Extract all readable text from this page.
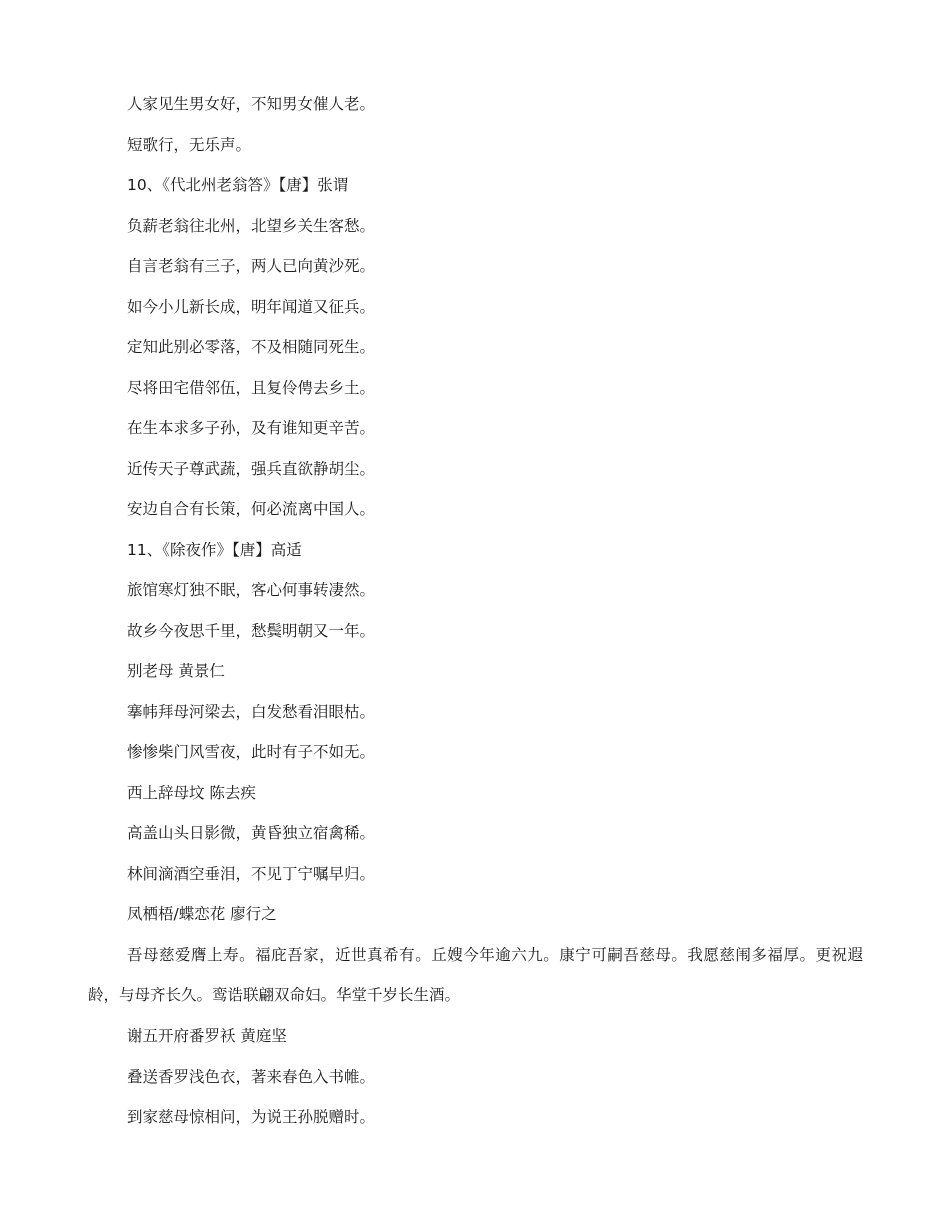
人家见生男女好，不知男女催人老。
短歌行，无乐声。
10、《代北州老翁答》【唐】张谓
负薪老翁往北州，北望乡关生客愁。
自言老翁有三子，两人已向黄沙死。
如今小儿新长成，明年闻道又征兵。
定知此别必零落，不及相随同死生。
尽将田宅借邻伍，且复伶俜去乡土。
在生本求多子孙，及有谁知更辛苦。
近传天子尊武蔬，强兵直欲静胡尘。
安边自合有长策，何必流离中国人。
11、《除夜作》【唐】高适
旅馆寒灯独不眠，客心何事转凄然。
故乡今夜思千里，愁鬓明朝又一年。
别老母 黄景仁
搴帏拜母河梁去，白发愁看泪眼枯。
惨惨柴门风雪夜，此时有子不如无。
西上辞母坟 陈去疾
高盖山头日影微，黄昏独立宿禽稀。
林间滴酒空垂泪，不见丁宁嘱早归。
凤栖梧/蝶恋花 廖行之
吾母慈爱膺上寿。福庇吾家，近世真希有。丘嫂今年逾六九。康宁可嗣吾慈母。我愿慈闱多福厚。更祝遐龄，与母齐长久。鸾诰联翩双命妇。华堂千岁长生酒。
谢五开府番罗袄 黄庭坚
叠送香罗浅色衣，著来春色入书帷。
到家慈母惊相问，为说王孙脱赠时。
